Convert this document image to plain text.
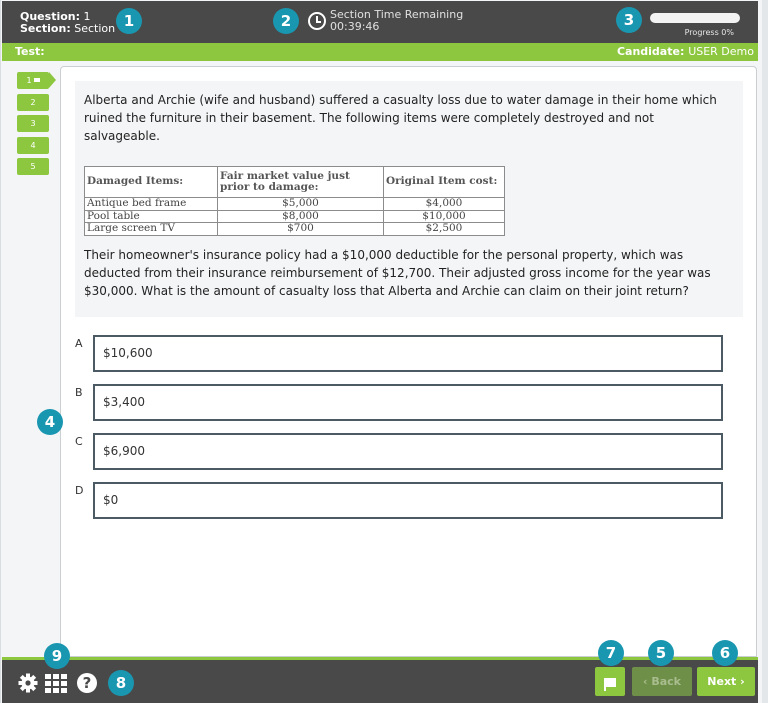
Question: 1
Section: Section
Section Time Remaining
00:39:46	Progress 0%
Test:	Candidate: USER Demo
1
2
3
4
5

Alberta and Archie (wife and husband) suffered a casualty loss due to water damage in their home which ruined the furniture in their basement. The following items were completely destroyed and not salvageable.

Damaged Items:	Fair market value just prior to damage:	Original Item cost:
Antique bed frame	$5,000	$4,000
Pool table	$8,000	$10,000
Large screen TV	$700	$2,500

Their homeowner's insurance policy had a $10,000 deductible for the personal property, which was deducted from their insurance reimbursement of $12,700. Their adjusted gross income for the year was $30,000. What is the amount of casualty loss that Alberta and Archie can claim on their joint return?

A
$10,600
B
$3,400
C
$6,900
D
$0
?	‹ Back	Next ›
1	2	3
4
5	6
7
8
9
